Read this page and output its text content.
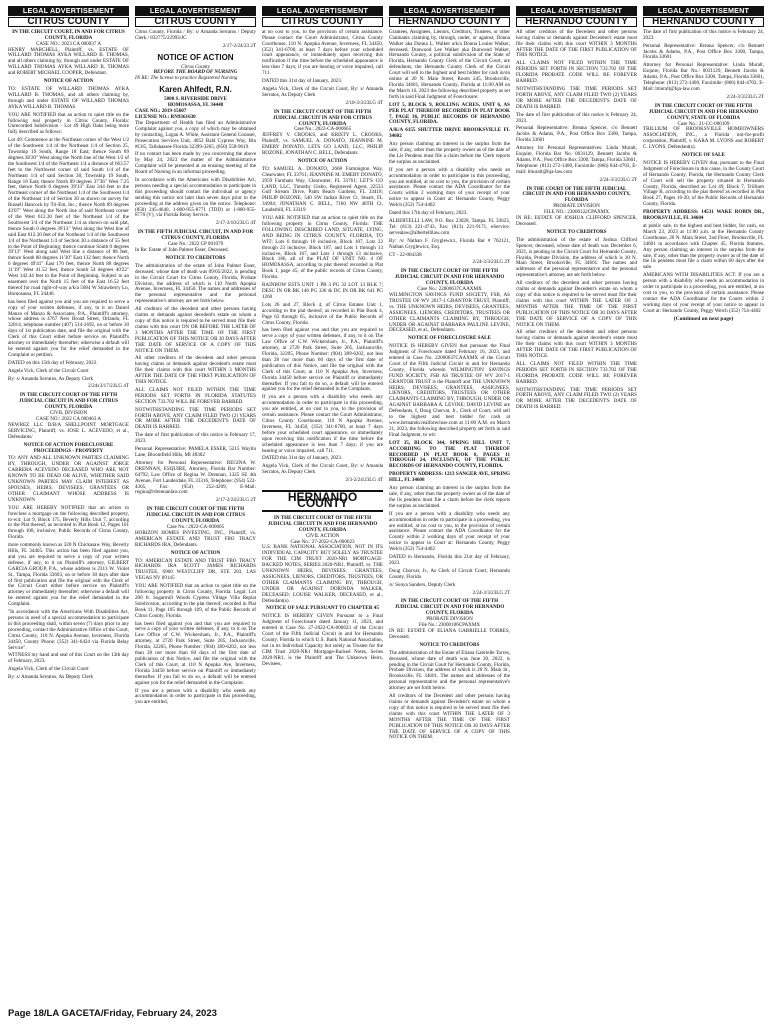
LEGAL ADVERTISEMENT
CITRUS COUNTY
IN THE CIRCUIT COURT, IN AND FOR CITRUS COUNTY, FLORIDA
CASE NO.: 2023 CA 000037 A
HENRY MARCHELL, Plaintiff, vs. ESTATE OF WILLARD THOMAS AYKA WILLARD B. THOMAS, and all others claiming by, through and under ESTATE OF WILLARD THOMAS AYKA WILLARD B. THOMAS and ROBERT MICHAEL COOPER, Defendant.
NOTICE OF ACTION
TO: ESTATE OF WILLARD THOMAS AYKA WILLARD B. THOMAS, and all others claiming by, through and under ESTATE OF WILLARD THOMAS AYKA WILLARD B. THOMAS
YOU ARE NOTIFIED that an action to quiet title on the following real property in Citrus County, Florida: Unrecorded Subdivision - Lot 49 High Oaks being more fully described as follows:
Lot 49: Commence at the Northeast corner of the West 1/2 of the Southwest 1/4 of the Northeast 1/4 of Section 25, Township 19 South, Range 18 East; thence South 89 degrees 38'20" West along the North line of the West 1/2 of the Southwest 1/4 of the Northeast 1/4 a distance of 663.57 feet to the Northwest corner of said South 1/4 of the Northeast 1/4 of said Section 30, Township 19 South, Range 18 East; thence North 89 degrees 37'36" West 7.25 feet, thence North 0 degrees 39'13" East 344 feet to the Northeast corner of the Northeast 1/4 of the Southwest 1/4 of the Northeast 1/4 of Section 30 as shown on survey for Russell Hancock by Tri-Em, Inc.; thence North 89 degrees 43'07" West along the North line of said Northeast corner of the West 612.30 feet of the Northeast 1/4 of the Southwest 1/4 of the Northeast 1/4 as shown on said plat, thence South 0 degrees 39'13" West along the West line of said East 612.30 feet of the Northeast 1/4 of the Southwest 1/4 of the Northeast 1/4 of Section 30 a distance of 55 feet to the Point of Beginning; thence continue South 0 degrees 39'13" West along said West line a distance of 88 feet, thence South 88 degrees 11'30" East 132 feet; thence North 0 degrees 49'41" East 170 feet, thence North 88 degrees 11'19" West 41.52 feet, thence South 54 degrees 40'22" West 142.44 feet to the Point of Beginning. Subject to an easement over the North 15 feet of the East 16.52 feet thereof for road right-of-way a/k/a 5084 W Strawberry Ln, Homosassa, FL 34446.
has been filed against you and you are required to serve a copy of your written defenses, if any, to it on Daniel Manzo of Manzo & Associates, P.A., Plaintiff's attorney, whose address is 4767 New Broad Street, Orlando, FL 32814, telephone number (407) 514-2692, on or before 30 days of 1st publication date, and file the original with the Clerk of this Court either before service on Plaintiff's attorney or immediately thereafter; otherwise a default will be entered against you for the relief demanded in the Complaint or petition.
DATED on this 15th day of February, 2023.
Angela Vick, Clerk of the Circuit Court
By: s/ Amanda Serratos, As Deputy Clerk
2/24x3/17/23LG 4T
IN THE CIRCUIT COURT OF THE FIFTH JUDICIAL CIRCUIT IN AND FOR CITRUS COUNTY, FLORIDA
CIVIL DIVISION
CASE NO.: 2022 CA 000463 A
NEWREZ LLC D/B/A SHELLPOINT MORTGAGE SERVICING, Plaintiff, vs. JOSE L. ACEVEDO, et al., Defendants/
NOTICE OF ACTION FORECLOSURE PROCEEDINGS - PROPERTY
TO: ANY AND ALL UNKNOWN PARTIES CLAIMING BY, THROUGH, UNDER OR AGAINST JORGE CABRERA ACEVEDO DECEASED WHO ARE NOT KNOWN TO BE DEAD OR ALIVE, WHETHER SAID UNKNOWN PARTIES MAY CLAIM INTEREST AS SPOUSES, HEIRS, DEVISEES, GRANTEES OR OTHER CLAIMANT WHOSE ADDRESS IS UNKNOWN
YOU ARE HEREBY NOTIFIED that an action to foreclose a mortgage on the following described property, to-wit: Lot 9, Block 175, Beverly Hills Unit 7, according to the Plat thereof, as recorded in Plat Book 12, Pages 101 through 108, inclusive, Public Records of Citrus County, Florida.
more commonly known as 320 N Chickasaw Way, Beverly Hills, FL 34465. This action has been filed against you, and you are required to serve a copy of your written defense, if any, to it on Plaintiff's attorney, GILBERT GARCIA GROUP, P.A., whose address is 2313 W. Violet St., Tampa, Florida 33603, on or before 30 days after date of first publication and file the original with the Clerk of the Circuit Court either before service on Plaintiff's attorney or immediately thereafter; otherwise a default will be entered against you for the relief demanded in the Complaint.
"In accordance with the Americans With Disabilities Act, persons in need of a special accommodation to participate in this proceeding shall, within seven (7) days prior to any proceeding, contact the Administrative Office of the Court, Citrus County, 110 N. Apopka Avenue, Inverness, Florida 34450, County Phone: (352) 341-6424 via Florida Relay Service".
WITNESS my hand and seal of this Court on the 13th day of February, 2023.
Angela Vick, Clerk of the Circuit Court
By: s/ Amanda Serratos, As Deputy Clerk
LEGAL ADVERTISEMENT
CITRUS COUNTY
Citrus County, Florida / By: s/ Amanda Serratos / Deputy Clerk / 832775/22993/JC
2/17-2/24/23 2T
NOTICE OF ACTION
Citrus County
BEFORE THE BOARD OF NURSING
IN RE: The license to practice Registered Nursing
Karen Ahlfedt, R.N.
5080 S. RIVERSIDE DRIVE
HOMOSASSA, FL 34448
CASE NO.: 2019-15607
LICENSE NO.: RN9361630
The Department of Health has filed an Administrative Complaint against you, a copy of which may be obtained by contacting, Logan A. White, Assistant General Counsel, Prosecution Services Unit, 4052 Bald Cypress Way, Bin #C65, Tallahassee Florida 32399-3265, (850) 558-9619.
If no contact has been made by you concerning the above by May 24, 2023 the matter of the Administrative Complaint will be presented at an ensuing meeting of the Board of Nursing in an informal proceeding.
In accordance with the Americans with Disabilities Act, persons needing a special accommodation to participate in this proceeding should contact the individual or agency sending this notice not later than seven days prior to the proceeding at the address given on the notice. Telephone: (850) 245-4640, 1-800-955-8771 (TDD) or 1-800-955-8770 (V), via Florida Relay Service.
2/17-3/10/23LG 4T
IN THE FIFTH JUDICIAL CIRCUIT, IN AND FOR CITRUS COUNTY, FLORIDA
Case No.: 2022 CP 001079
In Re: Estate of John Palmer Esser, Deceased.
NOTICE TO CREDITORS
The administration of the estate of John Palmer Esser, deceased, whose date of death was 09/05/2022, is pending in the Circuit Court for Citrus County, Florida, Probate Division, the address of which is 110 North Apopka Avenue, Inverness, FL 34450. The names and addresses of the personal representative and the personal representative's attorney are set forth below.
All creditors of the decedent and other persons having claims or demands against decedent's estate on whom a copy of this notice is required to be served must file their claims with this court ON OR BEFORE THE LATER OF 3 MONTHS AFTER THE TIME OF THE FIRST PUBLICATION OF THIS NOTICE OR 30 DAYS AFTER THE DATE OF SERVICE OF A COPY OF THIS NOTICE ON THEM.
All other creditors of the decedent and other persons having claims or demands against decedent's estate must file their claims with this court WITHIN 3 MONTHS AFTER THE DATE OF THE FIRST PUBLICATION OF THIS NOTICE.
ALL CLAIMS NOT FILED WITHIN THE TIME PERIODS SET FORTH IN FLORIDA STATUTES SECTION 733.702 WILL BE FOREVER BARRED.
NOTWITHSTANDING THE TIME PERIODS SET FORTH ABOVE, ANY CLAIM FILED TWO (2) YEARS OR MORE AFTER THE DECEDENT'S DATE OF DEATH IS BARRED.
The date of first publication of this notice is February 17, 2023.
Personal Representative: PAMELA ESSER, 5215 Waylin Lane, Bloomfield Hills, MI 48302
Attorney for Personal Representative: REGINA W. DRENNAN, ESQUIRE, Attorney, Florida Bar Number: 64792, Law Office of Regina W. Drennan, 1325 SE 4th Avenue, Fort Lauderdale, FL 33316, Telephone: (954) 522-4305, Fax: (954) 252-4209, E-Mail: regina@rdrennanlaw.com
2/17-2/24/23LG 2T
IN THE CIRCUIT COURT OF THE FIFTH JUDICIAL CIRCUIT IN AND FOR CITRUS COUNTY, FLORIDA
Case No.: 2022-CA-000605
HORIZON HOMES INVESTING, INC., Plaintiff, vs. AMERICAN ESTATE AND TRUST FBO TRACY RICHARDS IRA, Defendants.
NOTICE OF ACTION
TO: AMERICAN ESTATE AND TRUST FBO TRACY RICHARDS IRA SCOTT JAMES RICHARDS TRUSTEE, 6900 WESTCLIFF DR, STE 203, LAS VEGAS NV 89145
YOU ARE NOTIFIED that an action to quiet title on the following property in Citrus County, Florida: Legal: Lot 200 ft. Sugarmill Woods Cypress Village Villa Replat Subdivision, according to the plat thereof, recorded in Plat Book 11, Page 105 through 109, of the Public Records of Citrus County, Florida.
has been filed against you and that you are required to serve a copy of your written defenses, if any, to it on The Law Office of C.W. Wickersham, Jr., P.A., Plaintiff's attorney, at 2720 Park Street, Suite 205, Jacksonville, Florida, 32205, Phone Number: (904) 389-6202, not less than 28 nor more than 60 days of the first date of publication of this Notice, and file the original with the Clerk of this Court, at 110 N Apopka Ave, Inverness, Florida 34450 before service on Plaintiff or immediately thereafter. If you fail to do so, a default will be entered against you for the relief demanded in the Complaint.
If you are a person with a disability who needs any accommodation in order to participate in this proceeding, you are entitled,
LEGAL ADVERTISEMENT
CITRUS COUNTY
at no cost to you, to the provision of certain assistance. Please contact the Court Administrator, Citrus County Courthouse, 110 N. Apopka Avenue, Inverness, FL 34450, (352) 341-6700, at least 7 days before your scheduled court appearance, or immediately upon receiving this notification if the time before the scheduled appearance is less than 7 days; if you are hearing or voice impaired, call 711.
DATED this 31st day of January, 2023.
Angela Vick, Clerk of the Circuit Court, By: s/ Amanda Serratos, As Deputy Clerk
2/10-3/3/23LG 4T
IN THE CIRCUIT COURT OF THE FIFTH JUDICIAL CIRCUIT IN AND FOR CITRUS COUNTY, FLORIDA
Case No.: 2022-CA-000665
JEFFREY V. CROOKS, and KRISTY L. CROOKS, Plaintiff, vs. SAMUEL A. DONATO, JEANNINE M. EMERY DONATO, LETS GO LAND, LLC, PHILIP BOZONE, JONATHAN C. BELL, Defendants.
NOTICE OF ACTION
TO: SAMUEL A. DONATO, 2668 Farmington Way, Clearwater, FL 33761; JEANNINE M. EMERY DONATO, 2959 Farnham Way, Clearwater, FL 33761; LET'S GO LAND, LLC, Timothy Gisbo, Registered Agent, 22533 Gulf Stream Drive, Palm Beach Gardens, FL 33418; PHILIP BOZONE, 540 SW Indian River Ct, Stuart, FL 34994; JONATHAN C. BELL, 7160 NW 46TH Ct, Lauderhill, FL 33319
YOU ARE NOTIFIED that an action to quiet title on the following property in Citrus County, Florida: THE FOLLOWING DESCRIBED LAND, SITUATE, LYING, AND BEING IN CITRUS COUNTY, FLORIDA, TO WIT: Lots 6 through 10 inclusive, Block 187, Lots 22 through 23 inclusive, Block 187, and Lots 1 through 13 inclusive, Block 167, and Lots 1 through 13 inclusive, Block 186, all of the PLAT OF UNIT NO. 4 OF HOMOSASSA, according to plat thereof recorded in Plat Book 1, page 45, of the public records of Citrus County, Florida.
RAINBOW ESTS UNIT 1 PB 3 PG 32 LOT 13 BLK 7; DESC IN OR BK 146 PG 336 & DC IN OR BK 641 PG 1260
Lots 26 and 27, Block 4, of Citrus Estates Unit 1, according to the plat thereof, as recorded in Plat Book 4, Page 63 through 65, inclusive of the Public Records of Citrus County, Florida.
has been filed against you and that you are required to serve a copy of your written defenses, if any, to it on The Law Office of C.W. Wickersham, Jr., P.A., Plaintiff's attorney, at 2720 Park Street, Suite 205, Jacksonville, Florida, 32205, Phone Number: (904) 389-6202, not less than 28 nor more than 60 days of the first date of publication of this Notice, and file the original with the Clerk of this Court, at 110 N Apopka Ave, Inverness, Florida 34450 before service on Plaintiff or immediately thereafter. If you fail to do so, a default will be entered against you for the relief demanded in the Complaint.
If you are a person with a disability who needs any accommodation in order to participate in this proceeding, you are entitled, at no cost to you, to the provision of certain assistance. Please contact the Court Administrator, Citrus County Courthouse, 110 N Apopka Avenue, Inverness, FL 34450, (352) 341-6700, at least 7 days before your scheduled court appearance, or immediately upon receiving this notification if the time before the scheduled appearance is less than 7 days; if you are hearing or voice impaired, call 711.
DATED this 31st day of January, 2023.
Angela Vick, Clerk of the Circuit Court, By: s/ Amanda Serratos, As Deputy Clerk
2/3-2/24/23LG 4T
HERNANDO COUNTY
IN THE CIRCUIT COURT OF THE FIFTH JUDICIAL CIRCUIT IN AND FOR HERNANDO COUNTY, FLORIDA
CIVIL ACTION
Case No.: 27-2022-CA-000623
U.S. BANK NATIONAL ASSOCIATION, NOT IN ITS INDIVIDUAL CAPACITY BUT SOLELY AS TRUSTEE FOR THE CIM TRUST 2020-NR1 MORTGAGE-BACKED NOTES, SERIES 2020-NR1, Plaintiff, vs. THE UNKNOWN HEIRS, DEVISEES, GRANTEES, ASSIGNEES, LIENORS, CREDITORS, TRUSTEES, OR OTHER CLAIMANTS CLAIMING BY, THROUGH, UNDER OR AGAINST DORINDA WALKER, DECEASED; LOUISE WALKER, DECEASED, et al., Defendant(s).
NOTICE OF SALE PURSUANT TO CHAPTER 45
NOTICE IS HEREBY GIVEN Pursuant to a Final Judgment of Foreclosure dated January 11, 2023, and entered in Case No. 27-2022-CA-000623 of the Circuit Court of the Fifth Judicial Circuit in and for Hernando County, Florida in which U.S. Bank National Association, not in its Individual Capacity but solely as Trustee for the CIM Trust 2020-NR1 Mortgage-Backed Notes, Series 2020-NR1, is the Plaintiff and The Unknown Heirs, Devisees,
LEGAL ADVERTISEMENT
HERNANDO COUNTY
Grantees, Assignees, Lienors, Creditors, Trustees, or other Claimants claiming by, through, under, or against, Donna Walker aka Donna L. Walker a/k/a Donna Louise Walker, deceased, Dunwood Lee Walker aka Dunwood Walker, Hernando County, a political subdivision of the State of Florida, Hernando County Clerk of the Circuit Court, are defendants, the Hernando County Clerk of the Circuit Court will sell to the highest and best bidder for cash in/on online at 20 N. Main Street, Room 245, Brooksville, Florida 34601, Hernando County, Florida at 11:00 AM on the March 16, 2023 the following described property as set forth in said Final Judgment of Foreclosure:
LOT 5, BLOCK 9, ROLLING ACRES, UNIT 6, AS PER PLAT THEREOF RECORDED IN PLAT BOOK 7, PAGE 36, PUBLIC RECORDS OF HERNANDO COUNTY, FLORIDA.
A/K/A 6155 SHUTTER DRIVE BROOKSVILLE FL 34602
Any person claiming an interest in the surplus from the sale, if any, other than the property owner as of the date of the Lis Pendens must file a claim before the Clerk reports the surplus as unclaimed.
If you are a person with a disability who needs an accommodation in order to participate in this proceeding, you are entitled, at no cost to you, the provision of certain assistance. Please contact the ADA Coordinator for the Courts within 2 working days of your receipt of your notice to appear in Court at: Hernando County, Peggy Welch (352) 754-4402
Dated this 17th day of February, 2023.
ALBERTELLI LAW, P.O. Box 23028, Tampa, FL 33623, Tel: (813) 221-4743, Fax: (813) 221-9171, eService: servealaw@albertellilaw.com
By: /s/ Nathan F. Gryglewicz, Florida Bar # 762121, Nathan Gryglewicz, Esq.
CT - 22-004338
2/24-3/3/23LG 2T
IN THE CIRCUIT COURT OF THE FIFTH JUDICIAL CIRCUIT IN AND FOR HERNANDO COUNTY, FLORIDA
Case No.: 22000637CAAXMX
WILMINGTON SAVINGS FUND SOCIETY, FSB, AS TRUSTEE OF WV 2017-1 GRANTOR TRUST, Plaintiff, vs. THE UNKNOWN HEIRS, DEVISEES, GRANTEES, ASSIGNEES, LIENORS, CREDITORS, TRUSTEES OR OTHER CLAIMANTS CLAIMING BY, THROUGH, UNDER OR AGAINST BARBARA PAULINE LEVINE, DECEASED, et al., Defendants.
NOTICE OF FORECLOSURE SALE
NOTICE IS HEREBY GIVEN that pursuant the Final Judgment of Foreclosure dated February 16, 2023, and entered in Case No. 22000637CAAXMX of the Circuit Court of the Fifth Judicial Circuit in and for Hernando County, Florida wherein WILMINGTON SAVINGS FUND SOCIETY, FSB AS TRUSTEE OF WV 2017-1 GRANTOR TRUST is the Plaintiff and THE UNKNOWN HEIRS, DEVISEES, GRANTEES, ASSIGNEES, LIENORS, CREDITORS, TRUSTEES OR OTHER CLAIMANTS CLAIMING BY, THROUGH, UNDER OR AGAINST BARBARA A. LEVINE; DAVID LEVINE are Defendants, I, Doug Chorvat, Jr., Clerk of Court, will sell to the highest and best bidder for cash at www.hernando.realforeclose.com at 11:00 A.M. on March 21, 2023, the following described property set forth in said Final Judgment, to wit:
LOT 35, BLOCK 344, SPRING HILL UNIT 7, ACCORDING TO THE PLAT THEREOF RECORDED IN PLAT BOOK 8, PAGES 11 THROUGH 24, INCLUSIVE, OF THE PUBLIC RECORDS OF HERNANDO COUNTY, FLORIDA.
PROPERTY ADDRESS: 1213 SANGER AVE, SPRING HILL, FL 34608
Any person claiming an interest in the surplus from the sale, if any, other than the property owner as of the date of the lis pendens must file a claim before the clerk reports the surplus as unclaimed.
If you are a person with a disability who needs any accommodation in order to participate in a proceeding, you are entitled, at no cost to you, to the provision of certain assistance. Please contact the ADA Coordinator for the County within 2 working days of your receipt of your notice to appear in Court at: Hernando County, Peggy Welch (352) 754-4402
DATED in Hernando, Florida this 21st day of February, 2023.
Doug Chorvat, Jr., As Clerk of Circuit Court, Hernando County, Florida
/s/ Sonya Sanders, Deputy Clerk
2/24-3/3/23LG 2T
IN THE CIRCUIT COURT OF THE FIFTH JUDICIAL CIRCUIT IN AND FOR HERNANDO COUNTY, FLORIDA
PROBATE DIVISION
File No.: 23000106CPAXMX
IN RE: ESTATE OF ELIANA GABRIELLE TORRES, Deceased.
NOTICE TO CREDITORS
The administration of the Estate of Eliana Gabrielle Torres, deceased, whose date of death was June 20, 2022, is pending in the Circuit Court for Hernando County, Florida, Probate Division, the address of which is 20 N. Main St., Brooksville, FL 34601. The names and addresses of the personal representative and the personal representative's attorney are set forth below.
All creditors of the Decedent and other persons having claims or demands against Decedent's estate on whom a copy of this notice is required to be served must file their claims with this court WITHIN THE LATER OF 3 MONTHS AFTER THE TIME OF THE FIRST PUBLICATION OF THIS NOTICE OR 30 DAYS AFTER THE DATE OF SERVICE OF A COPY OF THIS NOTICE ON THEM.
LEGAL ADVERTISEMENT
HERNANDO COUNTY
All other creditors of the Decedent and other persons having claims or demands against Decedent's estate must file their claims with this court WITHIN 3 MONTHS AFTER THE DATE OF THE FIRST PUBLICATION OF THIS NOTICE.
ALL CLAIMS NOT FILED WITHIN THE TIME PERIODS SET FORTH IN SECTION 733.702 OF THE FLORIDA PROBATE CODE WILL BE FOREVER BARRED.
NOTWITHSTANDING THE TIME PERIODS SET FORTH ABOVE, ANY CLAIM FILED TWO (2) YEARS OR MORE AFTER THE DECEDENT'S DATE OF DEATH IS BARRED.
The date of first publication of this notice is February 24, 2023.
Personal Representative: Breana Spencer, c/o Bennett Jacobs & Adams, P.A., Post Office Box 3300, Tampa, Florida 33601
Attorney for Personal Representatives: Linda Muralt, Esquire, Florida Bar No. 0031129, Bennett Jacobs & Adams, P.A., Post Office Box 3300, Tampa, Florida 33601, Telephone: (813) 272-1400, Facsimile: (866) 844-4703, E-mail: lmuralt@bja-law.com
2/24-3/3/23LG 2T
IN THE COURT OF THE FIFTH JUDICIAL CIRCUIT IN AND FOR HERNANDO COUNTY, FLORIDA
PROBATE DIVISION
FILE NO.: 23000122CPAXMX
IN RE: ESTATE OF JOSHUA CLIFFORD SPENCER, Deceased.
NOTICE TO CREDITORS
The administration of the estate of Joshua Clifford Spencer, deceased, whose date of death was December 6, 2021, is pending in the Circuit Court for Hernando County, Florida, Probate Division, the address of which is 20 N. Main Street, Brooksville, FL 34601. The names and addresses of the personal representative and the personal representative's attorney are set forth below.
All creditors of the decedent and other persons having claims or demands against Decedent's estate on whom a copy of this notice is required to be served must file their claims with this court WITHIN THE LATER OF 3 MONTHS AFTER THE TIME OF THE FIRST PUBLICATION OF THIS NOTICE OR 30 DAYS AFTER THE DATE OF SERVICE OF A COPY OF THIS NOTICE ON THEM.
All other creditors of the decedent and other persons having claims or demands against decedent's estate must file their claims with this court WITHIN 3 MONTHS AFTER THE DATE OF THE FIRST PUBLICATION OF THIS NOTICE.
ALL CLAIMS NOT FILED WITHIN THE TIME PERIODS SET FORTH IN SECTION 733.702 OF THE FLORIDA PROBATE CODE WILL BE FOREVER BARRED.
NOTWITHSTANDING THE TIME PERIODS SET FORTH ABOVE, ANY CLAIM FILED TWO (2) YEARS OR MORE AFTER THE DECEDENT'S DATE OF DEATH IS BARRED.
LEGAL ADVERTISEMENT
HERNANDO COUNTY
The date of first publication of this notice is February 24, 2023.
Personal Representative: Breana Spencer, c/o Bennett Jacobs & Adams, P.A., Post Office Box 3300, Tampa, Florida 33601
Attorney for Personal Representative: Linda Muralt, Esquire, Florida Bar No.: 0031129, Bennett Jacobs & Adams, P.A., Post Office Box 3300, Tampa, Florida 33601, Telephone: (813) 272-1400, Facsimile: (866) 844-4703, E-Mail: lmuralt@bja-law.com
2/24-3/3/23LG 2T
IN THE CIRCUIT COURT OF THE FIFTH JUDICIAL CIRCUIT IN AND FOR HERNANDO COUNTY, STATE OF FLORIDA
Case No.: 21-CC-000109
TRILLIUM OF BROOKSVILLE HOMEOWNERS ASSOCIATION, INC., a Florida not-for-profit corporation, Plaintiff, v. KARA M. LYONS and ROBERT C. LYONS, Defendant(s).
NOTICE OF SALE
NOTICE IS HEREBY GIVEN that, pursuant to the Final Judgment of Foreclosure in this cause, in the County Court of Hernando County, Florida, the Hernando County Clerk of Court will sell the property situated in Hernando County, Florida, described as: Lot 49, Block 7, Trillium Village B, according to the plat thereof as recorded in Plat Book 27, Pages 16-20, of the Public Records of Hernando County, Florida.
PROPERTY ADDRESS: 14531 WAKE ROBIN DR., BROOKSVILLE, FL 34604
at public sale, to the highest and best bidder, for cash, on March 23, 2023 at 11:00 a.m. at the Hernando County Courthouse, 20 N. Main Street, 2nd Floor, Brooksville, FL 34601 in accordance with Chapter 45, Florida Statutes. Any person claiming an interest in the surplus from the sale, if any, other than the property owner as of the date of the lis pendens must file a claim within 60 days after the sale.
AMERICANS WITH DISABILITIES ACT: If you are a person with a disability who needs an accommodation in order to participate in a proceeding, you are entitled, at no cost to you, to the provision of certain assistance. Please contact the ADA Coordinator for the Courts within 2 working days of your receipt of your notice to appear in Court at: Hernando County, Peggy Welch (352) 754-4402
(Continued on next page)
Page 18/LA GACETA/Friday, February 24, 2023
